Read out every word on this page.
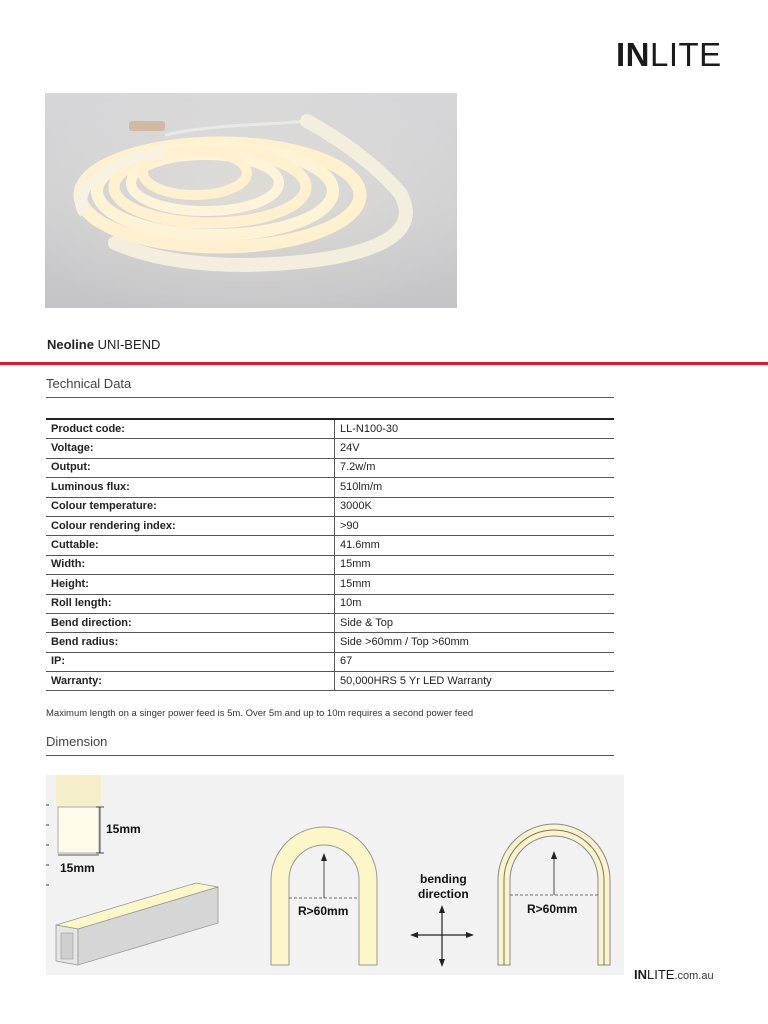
INLITE
Neoline UNI-BEND
Technical Data
Product code:	LL-N100-30
Voltage:	24V
Output:	7.2w/m
Luminous flux:	510lm/m
Colour temperature:	3000K
Colour rendering index:	>90
Cuttable:	41.6mm
Width:	15mm
Height:	15mm
Roll length:	10m
Bend direction:	Side & Top
Bend radius:	Side >60mm / Top >60mm
IP:	67
Warranty:	50,000HRS 5 Yr LED Warranty
Maximum length on a singer power feed is 5m. Over 5m and up to 10m requires a second power feed
Dimension
15mm
15mm
R>60mm
bending
direction
R>60mm
INLITE.com.au
